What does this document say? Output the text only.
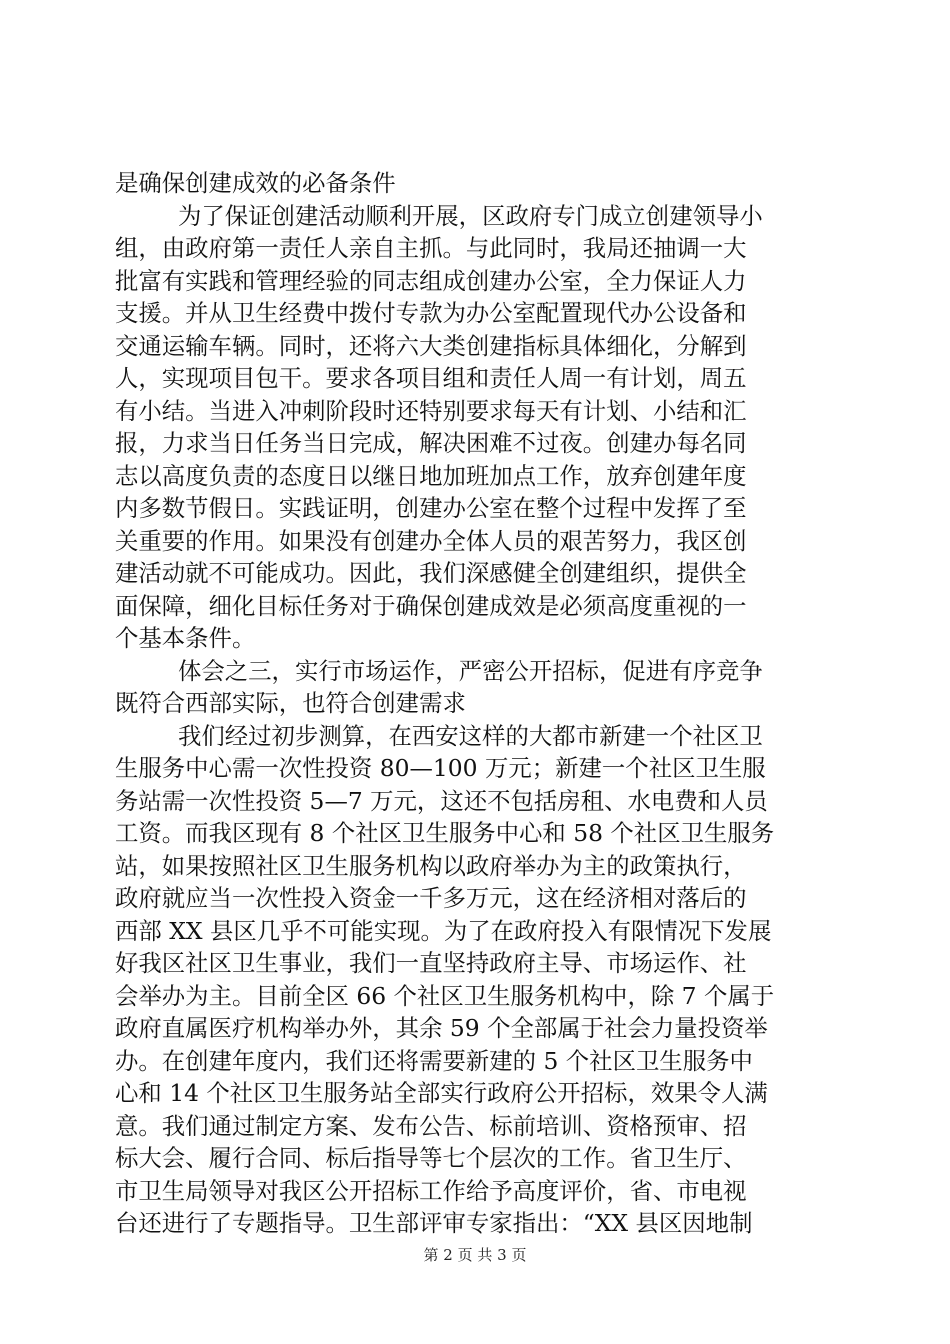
是确保创建成效的必备条件
为了保证创建活动顺利开展，区政府专门成立创建领导小
组，由政府第一责任人亲自主抓。与此同时，我局还抽调一大
批富有实践和管理经验的同志组成创建办公室，全力保证人力
支援。并从卫生经费中拨付专款为办公室配置现代办公设备和
交通运输车辆。同时，还将六大类创建指标具体细化，分解到
人，实现项目包干。要求各项目组和责任人周一有计划，周五
有小结。当进入冲刺阶段时还特别要求每天有计划、小结和汇
报，力求当日任务当日完成，解决困难不过夜。创建办每名同
志以高度负责的态度日以继日地加班加点工作，放弃创建年度
内多数节假日。实践证明，创建办公室在整个过程中发挥了至
关重要的作用。如果没有创建办全体人员的艰苦努力，我区创
建活动就不可能成功。因此，我们深感健全创建组织，提供全
面保障，细化目标任务对于确保创建成效是必须高度重视的一
个基本条件。
体会之三，实行市场运作，严密公开招标，促进有序竞争
既符合西部实际，也符合创建需求
我们经过初步测算，在西安这样的大都市新建一个社区卫
生服务中心需一次性投资 80—100 万元；新建一个社区卫生服
务站需一次性投资 5—7 万元，这还不包括房租、水电费和人员
工资。而我区现有 8 个社区卫生服务中心和 58 个社区卫生服务
站，如果按照社区卫生服务机构以政府举办为主的政策执行，
政府就应当一次性投入资金一千多万元，这在经济相对落后的
西部 XX 县区几乎不可能实现。为了在政府投入有限情况下发展
好我区社区卫生事业，我们一直坚持政府主导、市场运作、社
会举办为主。目前全区 66 个社区卫生服务机构中，除 7 个属于
政府直属医疗机构举办外，其余 59 个全部属于社会力量投资举
办。在创建年度内，我们还将需要新建的 5 个社区卫生服务中
心和 14 个社区卫生服务站全部实行政府公开招标，效果令人满
意。我们通过制定方案、发布公告、标前培训、资格预审、招
标大会、履行合同、标后指导等七个层次的工作。省卫生厅、
市卫生局领导对我区公开招标工作给予高度评价，省、市电视
台还进行了专题指导。卫生部评审专家指出：“XX 县区因地制
第 2 页 共 3 页
